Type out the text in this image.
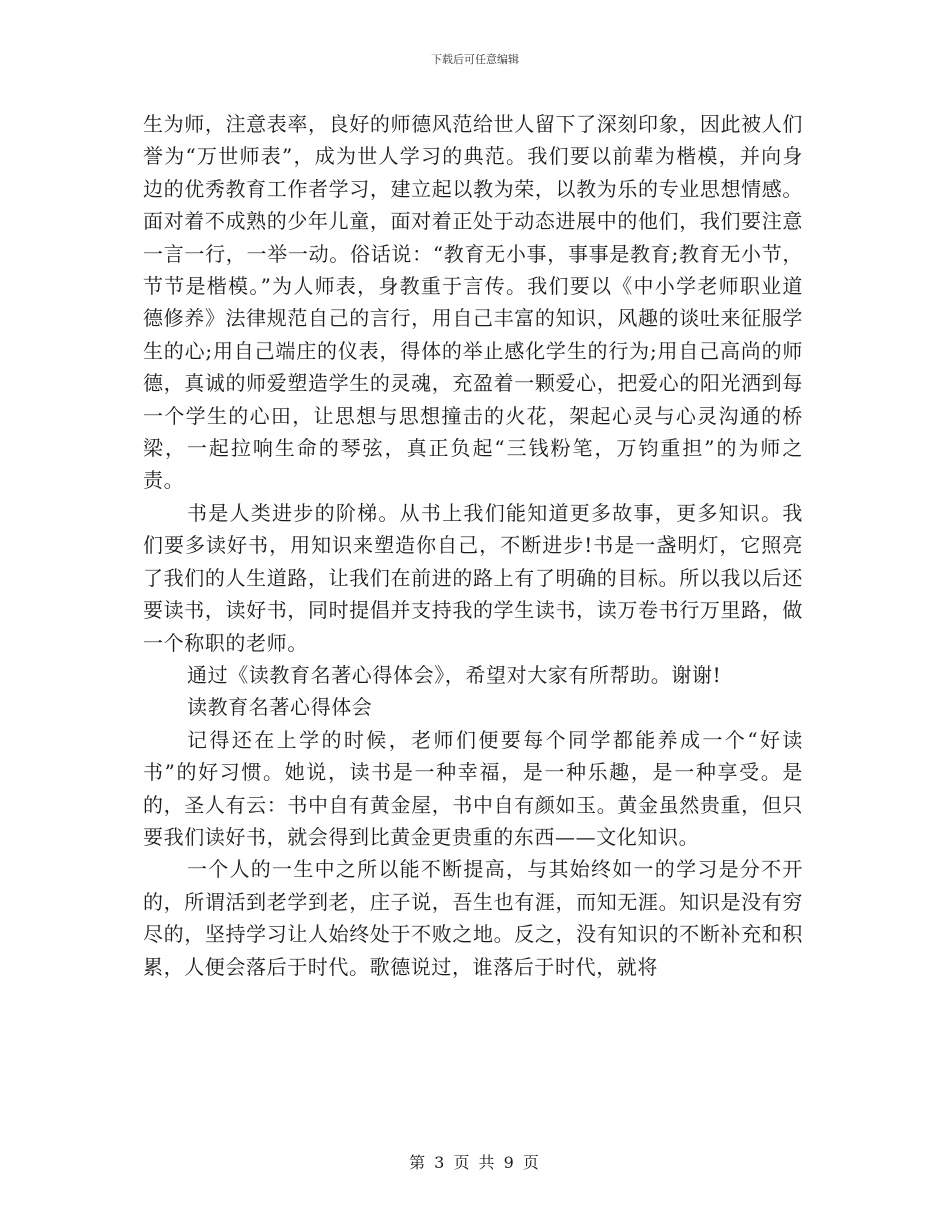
下载后可任意编辑

生为师，注意表率，良好的师德风范给世人留下了深刻印象，因此被人们誉为“万世师表”，成为世人学习的典范。我们要以前辈为楷模，并向身边的优秀教育工作者学习，建立起以教为荣，以教为乐的专业思想情感。面对着不成熟的少年儿童，面对着正处于动态进展中的他们，我们要注意一言一行，一举一动。俗话说：“教育无小事，事事是教育;教育无小节，节节是楷模。”为人师表，身教重于言传。我们要以《中小学老师职业道德修养》法律规范自己的言行，用自己丰富的知识，风趣的谈吐来征服学生的心;用自己端庄的仪表，得体的举止感化学生的行为;用自己高尚的师德，真诚的师爱塑造学生的灵魂，充盈着一颗爱心，把爱心的阳光洒到每一个学生的心田，让思想与思想撞击的火花，架起心灵与心灵沟通的桥梁，一起拉响生命的琴弦，真正负起“三钱粉笔，万钧重担”的为师之责。

书是人类进步的阶梯。从书上我们能知道更多故事，更多知识。我们要多读好书，用知识来塑造你自己，不断进步!书是一盏明灯，它照亮了我们的人生道路，让我们在前进的路上有了明确的目标。所以我以后还要读书，读好书，同时提倡并支持我的学生读书，读万卷书行万里路，做一个称职的老师。

通过《读教育名著心得体会》，希望对大家有所帮助。谢谢!

读教育名著心得体会

记得还在上学的时候，老师们便要每个同学都能养成一个“好读书”的好习惯。她说，读书是一种幸福，是一种乐趣，是一种享受。是的，圣人有云：书中自有黄金屋，书中自有颜如玉。黄金虽然贵重，但只要我们读好书，就会得到比黄金更贵重的东西——文化知识。

一个人的一生中之所以能不断提高，与其始终如一的学习是分不开的，所谓活到老学到老，庄子说，吾生也有涯，而知无涯。知识是没有穷尽的，坚持学习让人始终处于不败之地。反之，没有知识的不断补充和积累，人便会落后于时代。歌德说过，谁落后于时代，就将

第 3 页 共 9 页
